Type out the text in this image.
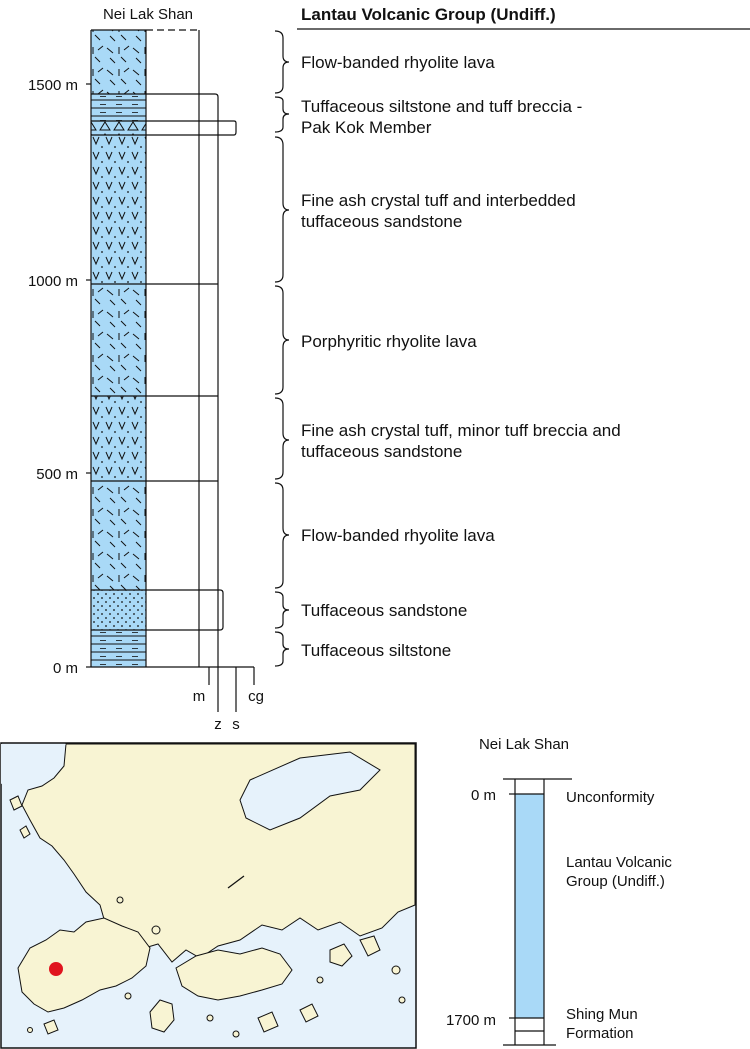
Nei Lak Shan	Lantau Volcanic Group (Undiff.)
1500 m
1000 m
500 m
0 m
m
z s
cg
Flow-banded rhyolite lava
Tuffaceous siltstone and tuff breccia -
Pak Kok Member
Fine ash crystal tuff and interbedded
tuffaceous sandstone
Porphyritic rhyolite lava
Fine ash crystal tuff, minor tuff breccia and
tuffaceous sandstone
Flow-banded rhyolite lava
Tuffaceous sandstone
Tuffaceous siltstone
Nei Lak Shan
0 m
1700 m
Unconformity
Lantau Volcanic
Group (Undiff.)
Shing Mun
Formation
